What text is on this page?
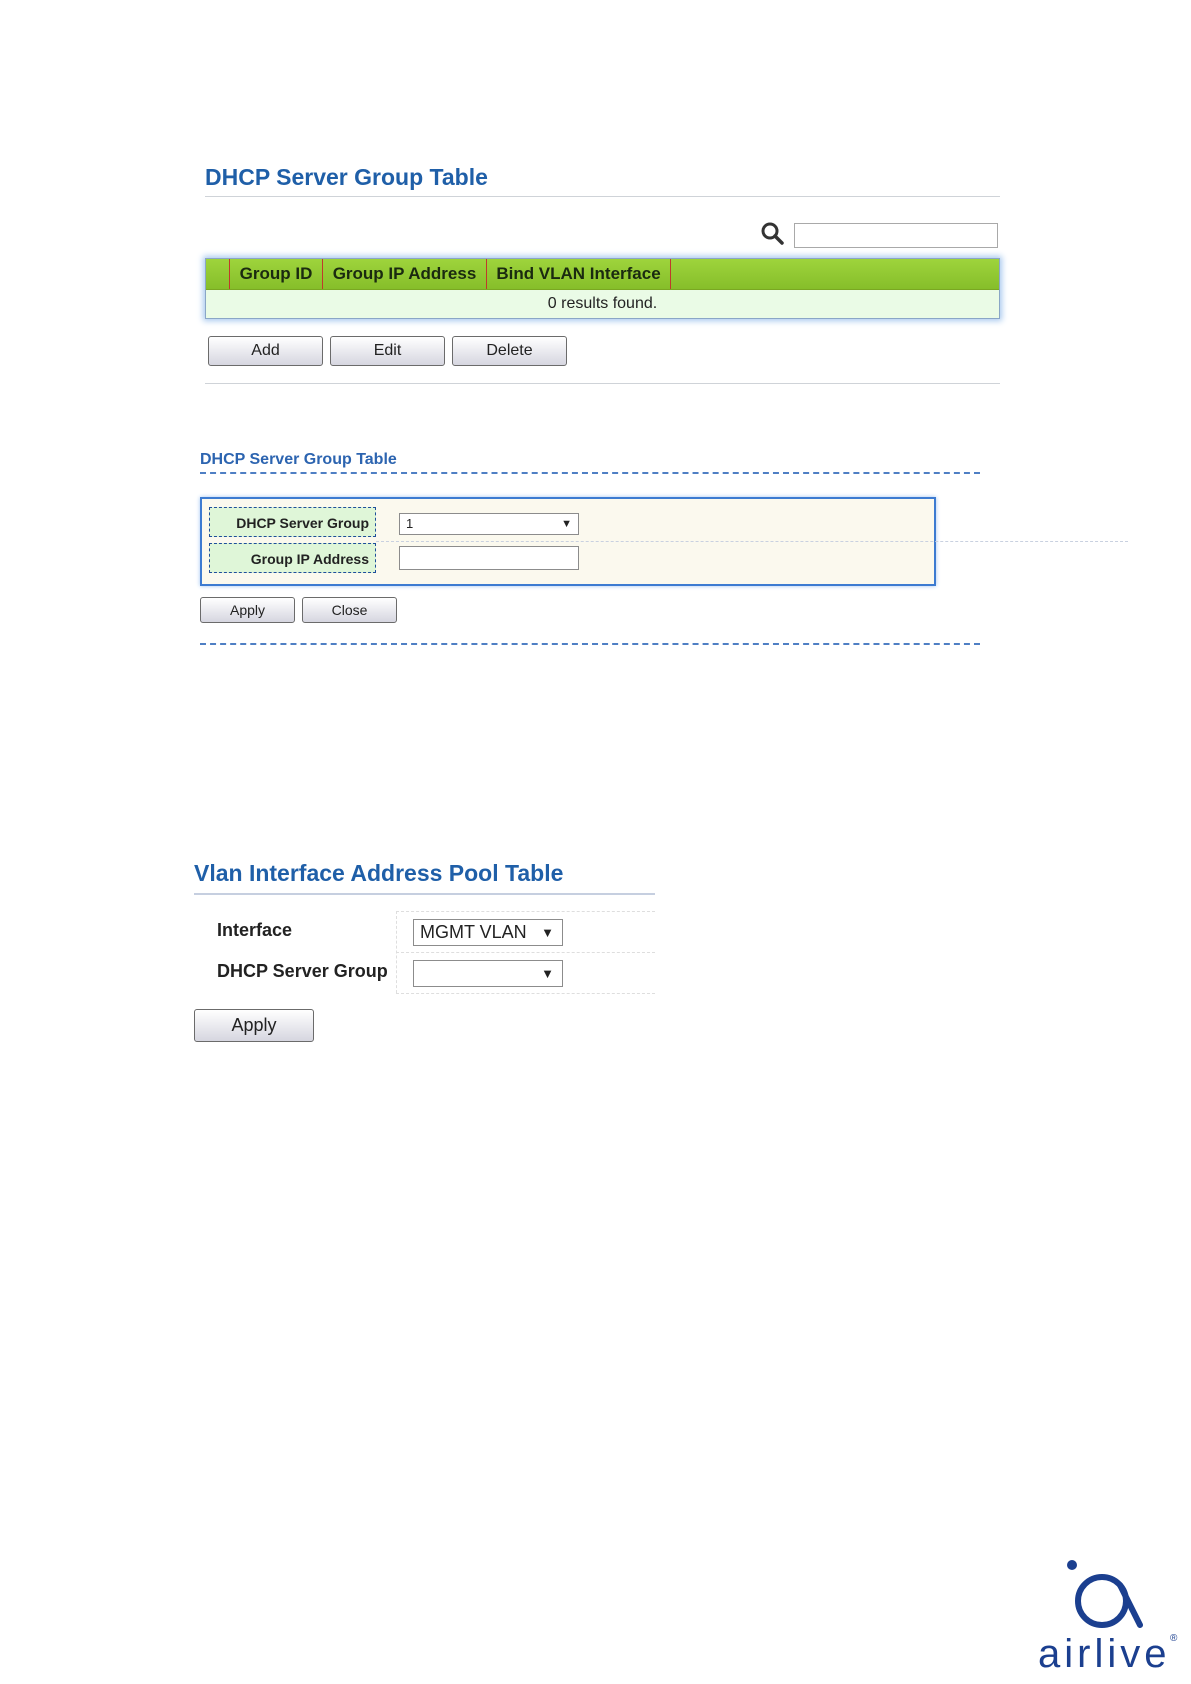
DHCP Server Group Table
Group ID	Group IP Address	Bind VLAN Interface
0 results found.
Add	Edit	Delete
DHCP Server Group Table
DHCP Server Group	1	▼
Group IP Address
Apply	Close
Vlan Interface Address Pool Table
Interface	MGMT VLAN ▼
DHCP Server Group	▼
Apply
airlive ®
